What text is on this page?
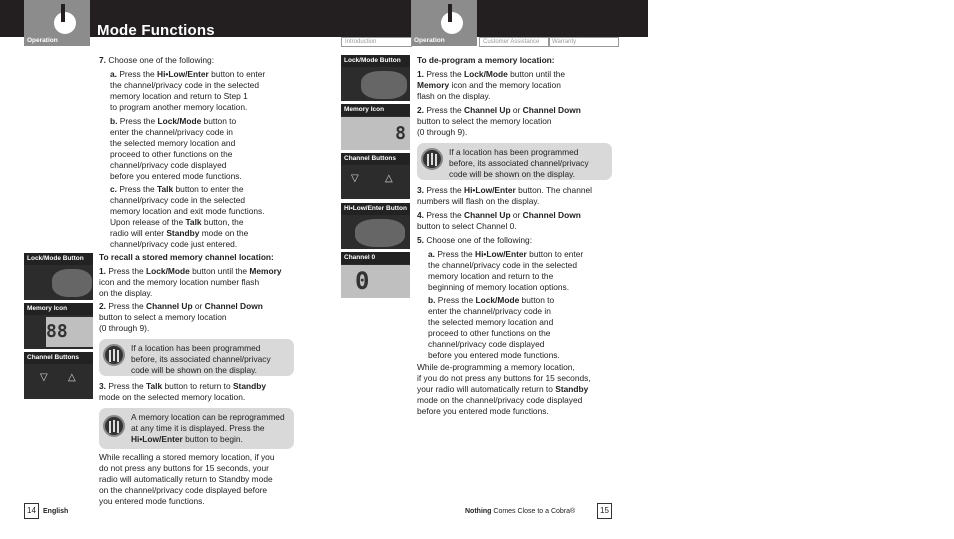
Operation
Mode Functions
Operation
Introduction	Customer Assistance	Warranty
7. Choose one of the following:
a. Press the Hi•Low/Enter button to enter
the channel/privacy code in the selected
memory location and return to Step 1
to program another memory location.
b. Press the Lock/Mode button to
enter the channel/privacy code in
the selected memory location and
proceed to other functions on the
channel/privacy code displayed
before you entered mode functions.
c. Press the Talk button to enter the
channel/privacy code in the selected
memory location and exit mode functions.
Upon release of the Talk button, the
radio will enter Standby mode on the
channel/privacy code just entered.
To recall a stored memory channel location:
1. Press the Lock/Mode button until the Memory
icon and the memory location number flash
on the display.
2. Press the Channel Up or Channel Down
button to select a memory location
(0 through 9).
If a location has been programmed
before, its associated channel/privacy
code will be shown on the display.
3. Press the Talk button to return to Standby
mode on the selected memory location.
A memory location can be reprogrammed
at any time it is displayed. Press the
Hi•Low/Enter button to begin.
While recalling a stored memory location, if you
do not press any buttons for 15 seconds, your
radio will automatically return to Standby mode
on the channel/privacy code displayed before
you entered mode functions.
Lock/Mode Button
Memory Icon
88
Channel Buttons
▽ △
14	English
To de-program a memory location:
1. Press the Lock/Mode button until the
Memory icon and the memory location
flash on the display.
2. Press the Channel Up or Channel Down
button to select the memory location
(0 through 9).
If a location has been programmed
before, its associated channel/privacy
code will be shown on the display.
3. Press the Hi•Low/Enter button. The channel
numbers will flash on the display.
4. Press the Channel Up or Channel Down
button to select Channel 0.
5. Choose one of the following:
a. Press the Hi•Low/Enter button to enter
the channel/privacy code in the selected
memory location and return to the
beginning of memory location options.
b. Press the Lock/Mode button to
enter the channel/privacy code in
the selected memory location and
proceed to other functions on the
channel/privacy code displayed
before you entered mode functions.
While de-programming a memory location,
if you do not press any buttons for 15 seconds,
your radio will automatically return to Standby
mode on the channel/privacy code displayed
before you entered mode functions.
Lock/Mode Button
Memory Icon
8
Channel Buttons
▽	△
Hi•Low/Enter Button
Channel 0
0
Nothing Comes Close to a Cobra®	15
